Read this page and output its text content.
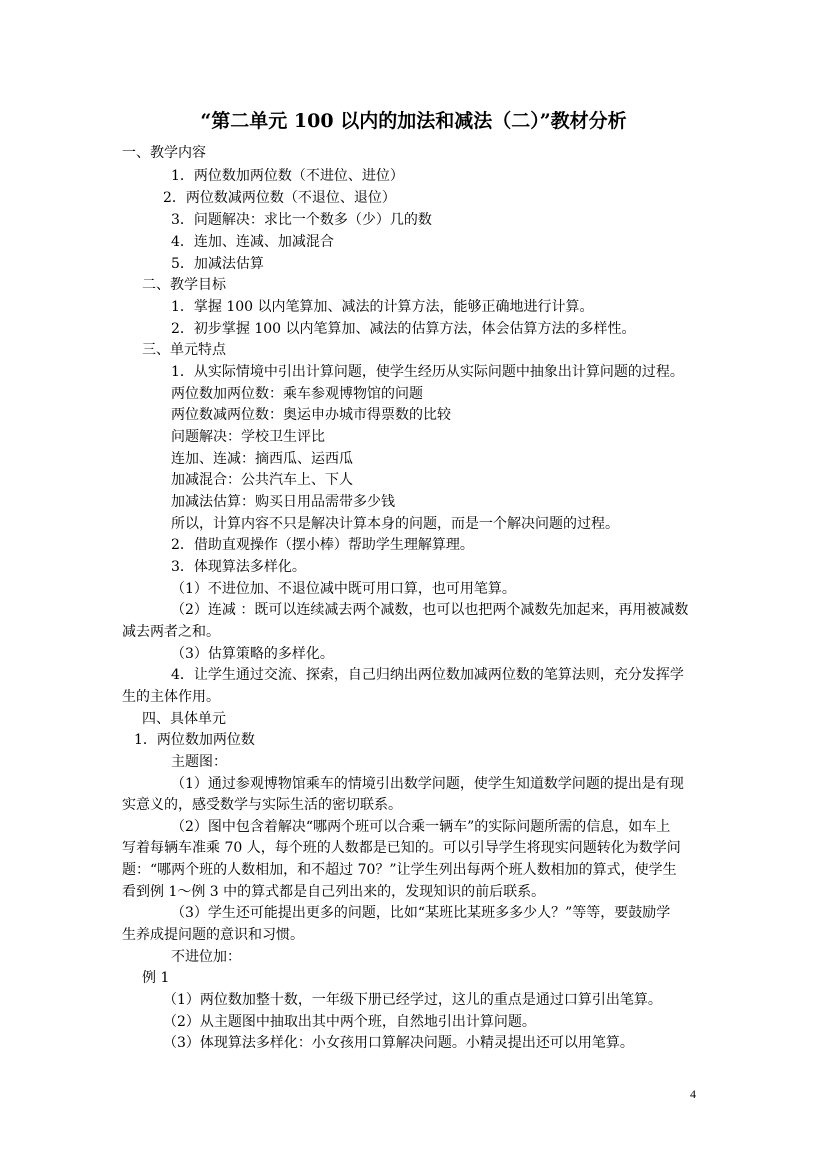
“第二单元 100 以内的加法和减法（二）”教材分析
一、教学内容
1．两位数加两位数（不进位、进位）
2．两位数减两位数（不退位、退位）
3．问题解决：求比一个数多（少）几的数
4．连加、连减、加减混合
5．加减法估算
二、教学目标
1．掌握 100 以内笔算加、减法的计算方法，能够正确地进行计算。
2．初步掌握 100 以内笔算加、减法的估算方法，体会估算方法的多样性。
三、单元特点
1．从实际情境中引出计算问题，使学生经历从实际问题中抽象出计算问题的过程。
两位数加两位数：乘车参观博物馆的问题
两位数减两位数：奥运申办城市得票数的比较
问题解决：学校卫生评比
连加、连减：摘西瓜、运西瓜
加减混合：公共汽车上、下人
加减法估算：购买日用品需带多少钱
所以，计算内容不只是解决计算本身的问题，而是一个解决问题的过程。
2．借助直观操作（摆小棒）帮助学生理解算理。
3．体现算法多样化。
（1）不进位加、不退位减中既可用口算，也可用笔算。
（2）连减 ：既可以连续减去两个减数，也可以也把两个减数先加起来，再用被减数
减去两者之和。
（3）估算策略的多样化。
4．让学生通过交流、探索，自己归纳出两位数加减两位数的笔算法则，充分发挥学
生的主体作用。
四、具体单元
1．两位数加两位数
主题图：
（1）通过参观博物馆乘车的情境引出数学问题，使学生知道数学问题的提出是有现
实意义的，感受数学与实际生活的密切联系。
（2）图中包含着解决“哪两个班可以合乘一辆车”的实际问题所需的信息，如车上
写着每辆车准乘 70 人，每个班的人数都是已知的。可以引导学生将现实问题转化为数学问
题：“哪两个班的人数相加，和不超过 70？”让学生列出每两个班人数相加的算式，使学生
看到例 1～例 3 中的算式都是自己列出来的，发现知识的前后联系。
（3）学生还可能提出更多的问题，比如“某班比某班多多少人？”等等，要鼓励学
生养成提问题的意识和习惯。
不进位加：
例 1
（1）两位数加整十数，一年级下册已经学过，这儿的重点是通过口算引出笔算。
（2）从主题图中抽取出其中两个班，自然地引出计算问题。
（3）体现算法多样化：小女孩用口算解决问题。小精灵提出还可以用笔算。
4
